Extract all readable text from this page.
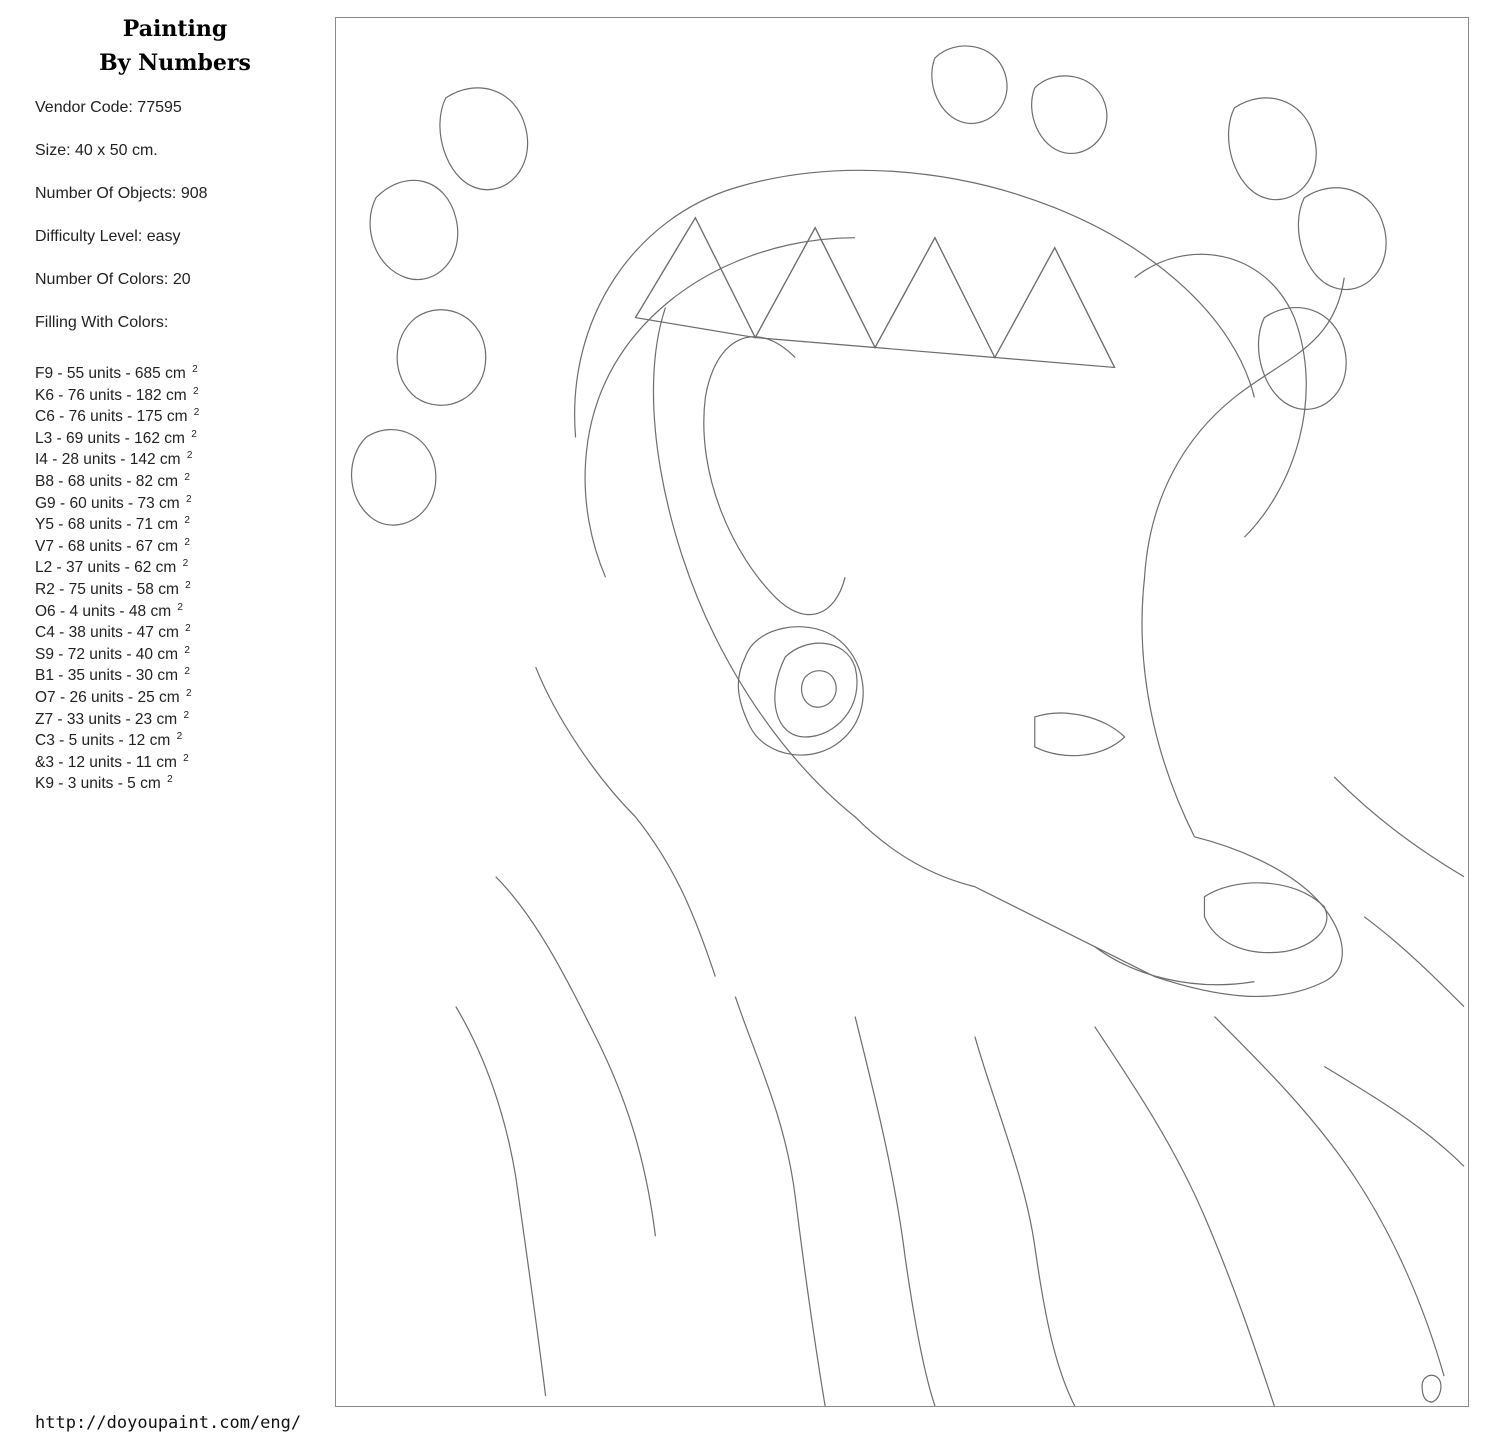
Painting
By Numbers
Vendor Code: 77595
Size: 40 x 50 cm.
Number Of Objects: 908
Difficulty Level: easy
Number Of Colors: 20
Filling With Colors:
F9 - 55 units - 685 cm $^2$
K6 - 76 units - 182 cm $^2$
C6 - 76 units - 175 cm $^2$
L3 - 69 units - 162 cm $^2$
I4 - 28 units - 142 cm $^2$
B8 - 68 units - 82 cm $^2$
G9 - 60 units - 73 cm $^2$
Y5 - 68 units - 71 cm $^2$
V7 - 68 units - 67 cm $^2$
L2 - 37 units - 62 cm $^2$
R2 - 75 units - 58 cm $^2$
O6 - 4 units - 48 cm $^2$
C4 - 38 units - 47 cm $^2$
S9 - 72 units - 40 cm $^2$
B1 - 35 units - 30 cm $^2$
O7 - 26 units - 25 cm $^2$
Z7 - 33 units - 23 cm $^2$
C3 - 5 units - 12 cm $^2$
&3 - 12 units - 11 cm $^2$
K9 - 3 units - 5 cm $^2$
http://doyoupaint.com/eng/
